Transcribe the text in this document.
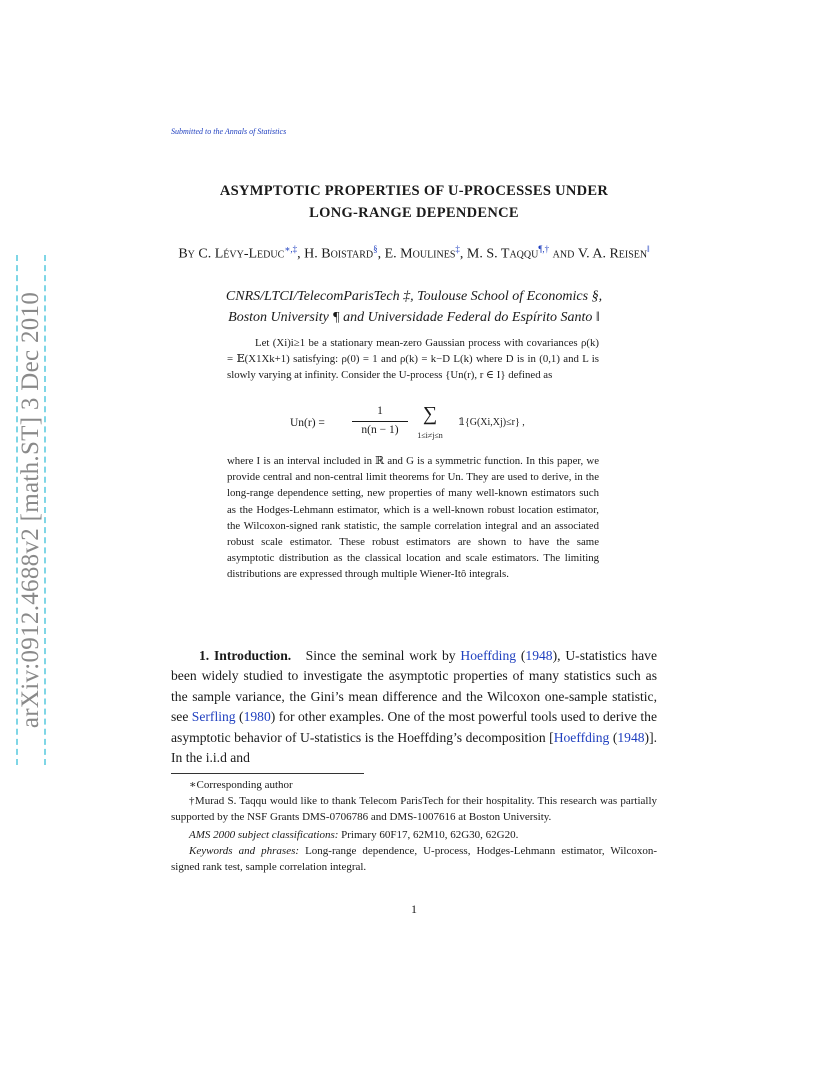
arXiv:0912.4688v2 [math.ST] 3 Dec 2010
Submitted to the Annals of Statistics
ASYMPTOTIC PROPERTIES OF U-PROCESSES UNDER
LONG-RANGE DEPENDENCE
By C. Lévy-Leduc∗,‡, H. Boistard§, E. Moulines‡, M. S. Taqqu¶,† and V. A. Reisen‖
CNRS/LTCI/TelecomParisTech ‡, Toulouse School of Economics §,
Boston University ¶ and Universidade Federal do Espírito Santo ‖

Let (Xi)i≥1 be a stationary mean-zero Gaussian process with covariances ρ(k) = 𝔼(X1Xk+1) satisfying: ρ(0) = 1 and ρ(k) = k−D L(k) where D is in (0,1) and L is slowly varying at infinity. Consider the U-process {Un(r), r ∈ I} defined as

Un(r) =
1
n(n − 1)
∑
1≤i≠j≤n
𝟙{G(Xi,Xj)≤r} ,

where I is an interval included in ℝ and G is a symmetric function. In this paper, we provide central and non-central limit theorems for Un. They are used to derive, in the long-range dependence setting, new properties of many well-known estimators such as the Hodges-Lehmann estimator, which is a well-known robust location estimator, the Wilcoxon-signed rank statistic, the sample correlation integral and an associated robust scale estimator. These robust estimators are shown to have the same asymptotic distribution as the classical location and scale estimators. The limiting distributions are expressed through multiple Wiener-Itô integrals.

1. Introduction. Since the seminal work by Hoeffding (1948), U-statistics have been widely studied to investigate the asymptotic properties of many statistics such as the sample variance, the Gini’s mean difference and the Wilcoxon one-sample statistic, see Serfling (1980) for other examples. One of the most powerful tools used to derive the asymptotic behavior of U-statistics is the Hoeffding’s decomposition [Hoeffding (1948)]. In the i.i.d and

∗Corresponding author

†Murad S. Taqqu would like to thank Telecom ParisTech for their hospitality. This research was partially supported by the NSF Grants DMS-0706786 and DMS-1007616 at Boston University.

AMS 2000 subject classifications: Primary 60F17, 62M10, 62G30, 62G20.

Keywords and phrases: Long-range dependence, U-process, Hodges-Lehmann estimator, Wilcoxon-signed rank test, sample correlation integral.

1
